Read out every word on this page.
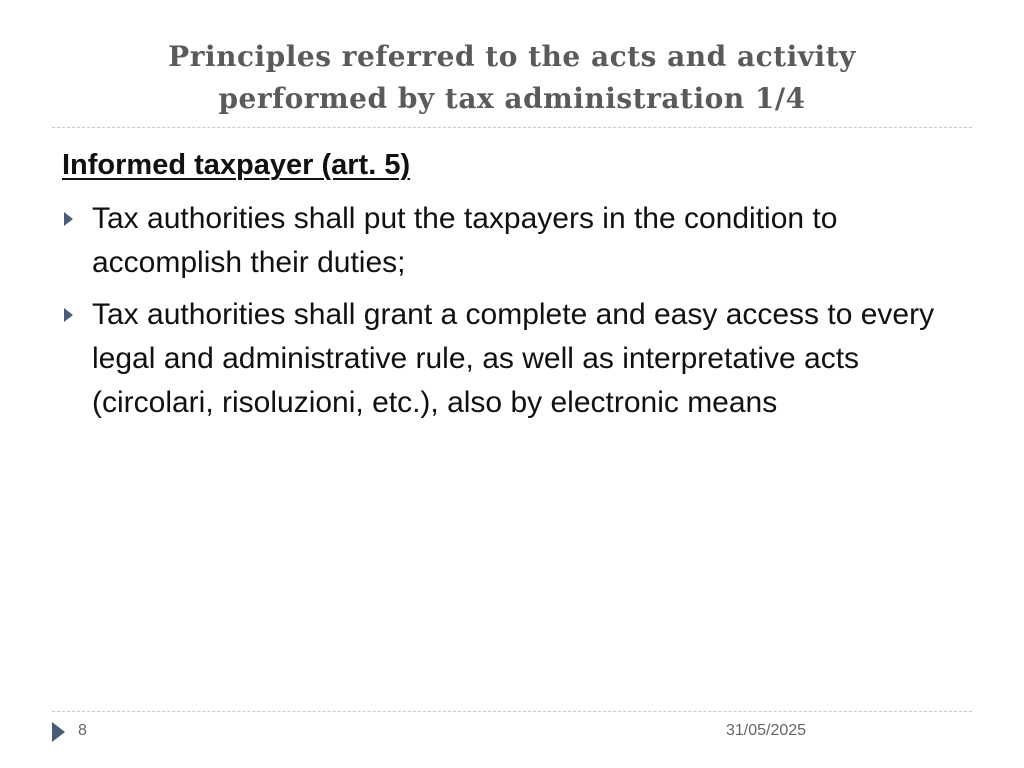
Principles referred to the acts and activity
performed by tax administration 1/4
Informed taxpayer (art. 5)
Tax authorities shall put the taxpayers in the condition to accomplish their duties;
Tax authorities shall grant a complete and easy access to every legal and administrative rule, as well as interpretative acts (circolari, risoluzioni, etc.), also by electronic means
8	31/05/2025
